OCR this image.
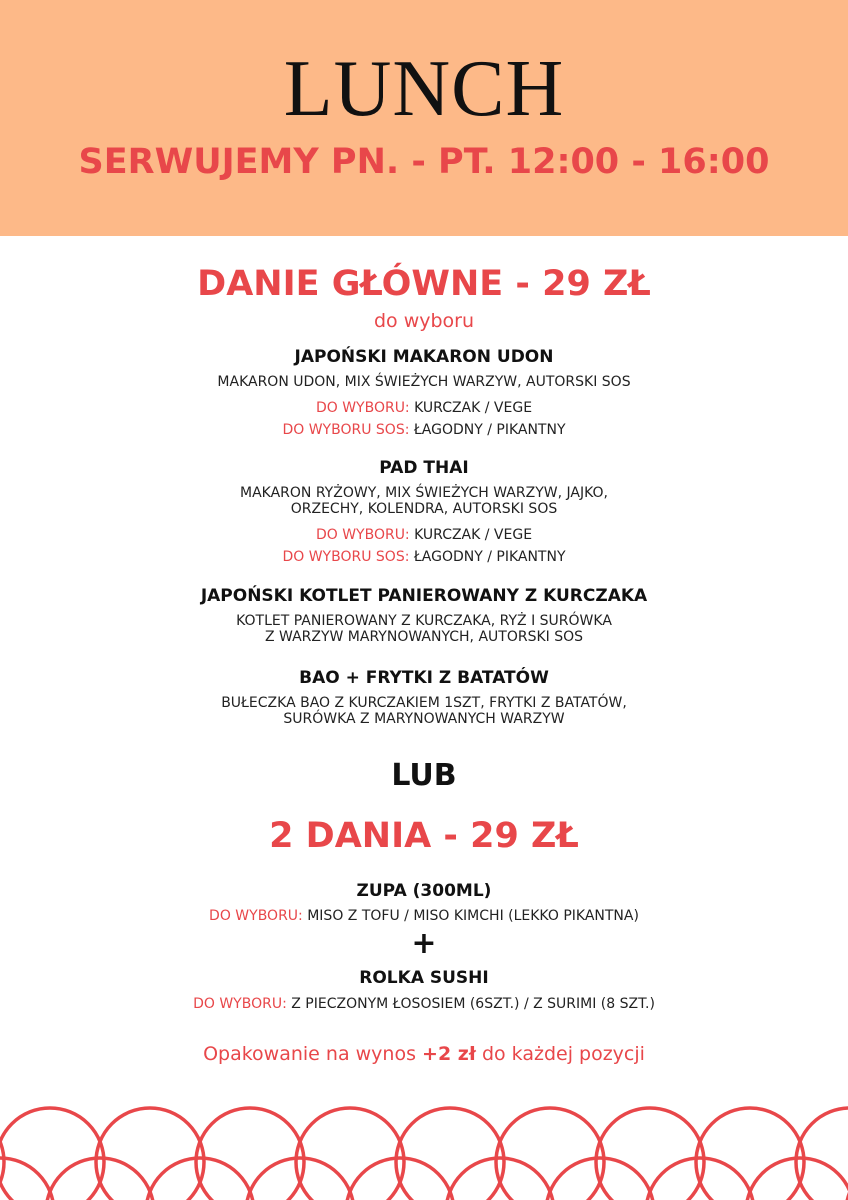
LUNCH
SERWUJEMY PN. - PT. 12:00 - 16:00
DANIE GŁÓWNE - 29 ZŁ
do wyboru
JAPOŃSKI MAKARON UDON
MAKARON UDON, MIX ŚWIEŻYCH WARZYW, AUTORSKI SOS
DO WYBORU: KURCZAK / VEGE
DO WYBORU SOS: ŁAGODNY / PIKANTNY
PAD THAI
MAKARON RYŻOWY, MIX ŚWIEŻYCH WARZYW, JAJKO,
ORZECHY, KOLENDRA, AUTORSKI SOS
DO WYBORU: KURCZAK / VEGE
DO WYBORU SOS: ŁAGODNY / PIKANTNY
JAPOŃSKI KOTLET PANIEROWANY Z KURCZAKA
KOTLET PANIEROWANY Z KURCZAKA, RYŻ I SURÓWKA
Z WARZYW MARYNOWANYCH, AUTORSKI SOS
BAO + FRYTKI Z BATATÓW
BUŁECZKA BAO Z KURCZAKIEM 1SZT, FRYTKI Z BATATÓW,
SURÓWKA Z MARYNOWANYCH WARZYW
LUB
2 DANIA - 29 ZŁ
ZUPA (300ML)
DO WYBORU: MISO Z TOFU / MISO KIMCHI (LEKKO PIKANTNA)
+
ROLKA SUSHI
DO WYBORU: Z PIECZONYM ŁOSOSIEM (6SZT.) / Z SURIMI (8 SZT.)
Opakowanie na wynos +2 zł do każdej pozycji
